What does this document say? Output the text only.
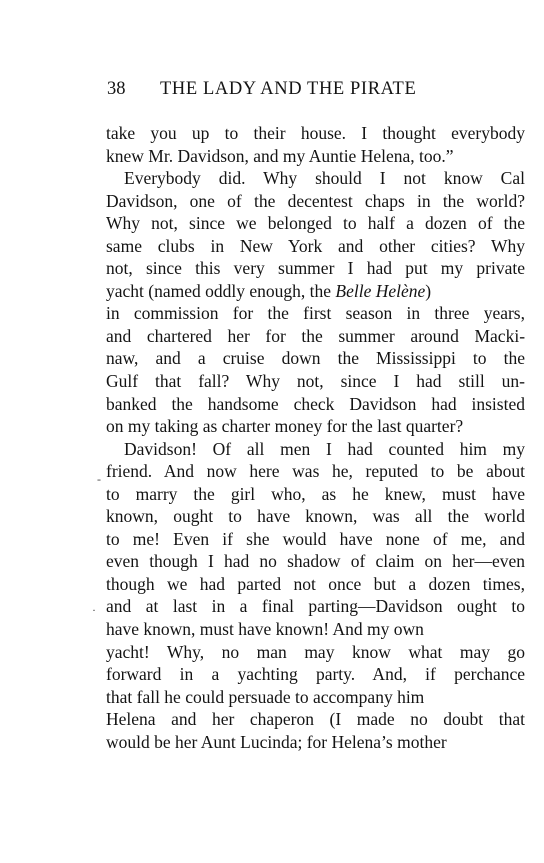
38 THE LADY AND THE PIRATE
take you up to their house. I thought everybody
knew Mr. Davidson, and my Auntie Helena, too.”
Everybody did. Why should I not know Cal
Davidson, one of the decentest chaps in the world?
Why not, since we belonged to half a dozen of the
same clubs in New York and other cities? Why
not, since this very summer I had put my private
yacht (named oddly enough, the Belle Helène)
in commission for the first season in three years,
and chartered her for the summer around Macki-
naw, and a cruise down the Mississippi to the
Gulf that fall? Why not, since I had still un-
banked the handsome check Davidson had insisted
on my taking as charter money for the last quarter?
Davidson! Of all men I had counted him my
friend. And now here was he, reputed to be about
to marry the girl who, as he knew, must have
known, ought to have known, was all the world
to me! Even if she would have none of me, and
even though I had no shadow of claim on her—even
though we had parted not once but a dozen times,
and at last in a final parting—Davidson ought to
have known, must have known! And my own
yacht! Why, no man may know what may go
forward in a yachting party. And, if perchance
that fall he could persuade to accompany him
Helena and her chaperon (I made no doubt that
would be her Aunt Lucinda; for Helena’s mother
-
·
